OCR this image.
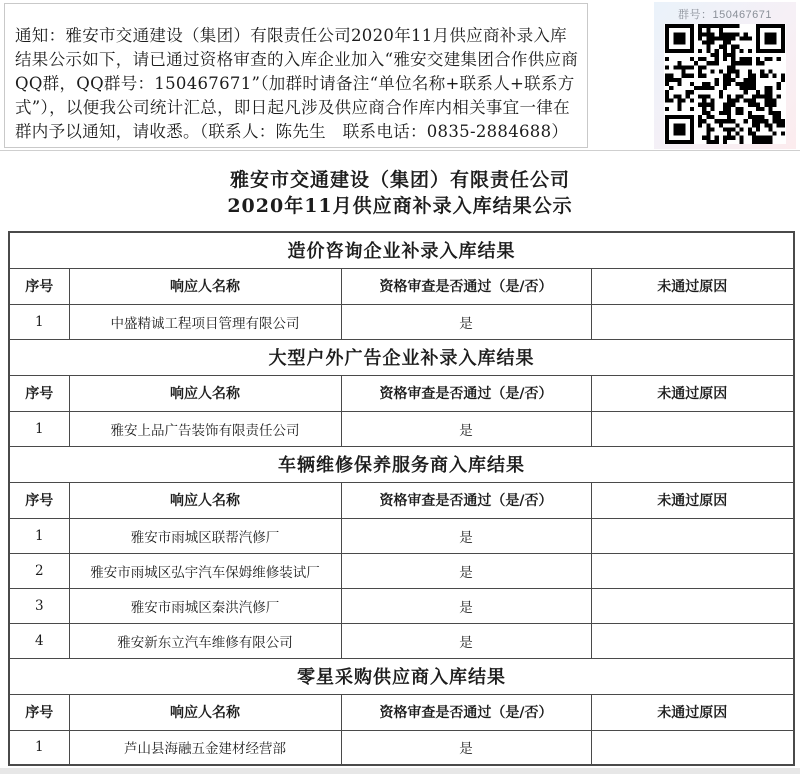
通知：雅安市交通建设（集团）有限责任公司2020年11月供应商补录入库结果公示如下，请已通过资格审查的入库企业加入“雅安交建集团合作供应商QQ群，QQ群号：150467671”（加群时请备注“单位名称+联系人+联系方式”），以便我公司统计汇总，即日起凡涉及供应商合作库内相关事宜一律在群内予以通知，请收悉。（联系人：陈先生　联系电话：0835-2884688）

群号：150467671
雅安市交通建设（集团）有限责任公司
2020年11月供应商补录入库结果公示
造价咨询企业补录入库结果			
序号	响应人名称	资格审查是否通过（是/否）	未通过原因
1	中盛精诚工程项目管理有限公司	是	
大型户外广告企业补录入库结果			
序号	响应人名称	资格审查是否通过（是/否）	未通过原因
1	雅安上品广告装饰有限责任公司	是	
车辆维修保养服务商入库结果			
序号	响应人名称	资格审查是否通过（是/否）	未通过原因
1	雅安市雨城区联帮汽修厂	是	
2	雅安市雨城区弘宇汽车保姆维修装试厂	是	
3	雅安市雨城区秦洪汽修厂	是	
4	雅安新东立汽车维修有限公司	是	
零星采购供应商入库结果			
序号	响应人名称	资格审查是否通过（是/否）	未通过原因
1	芦山县海融五金建材经营部	是	
